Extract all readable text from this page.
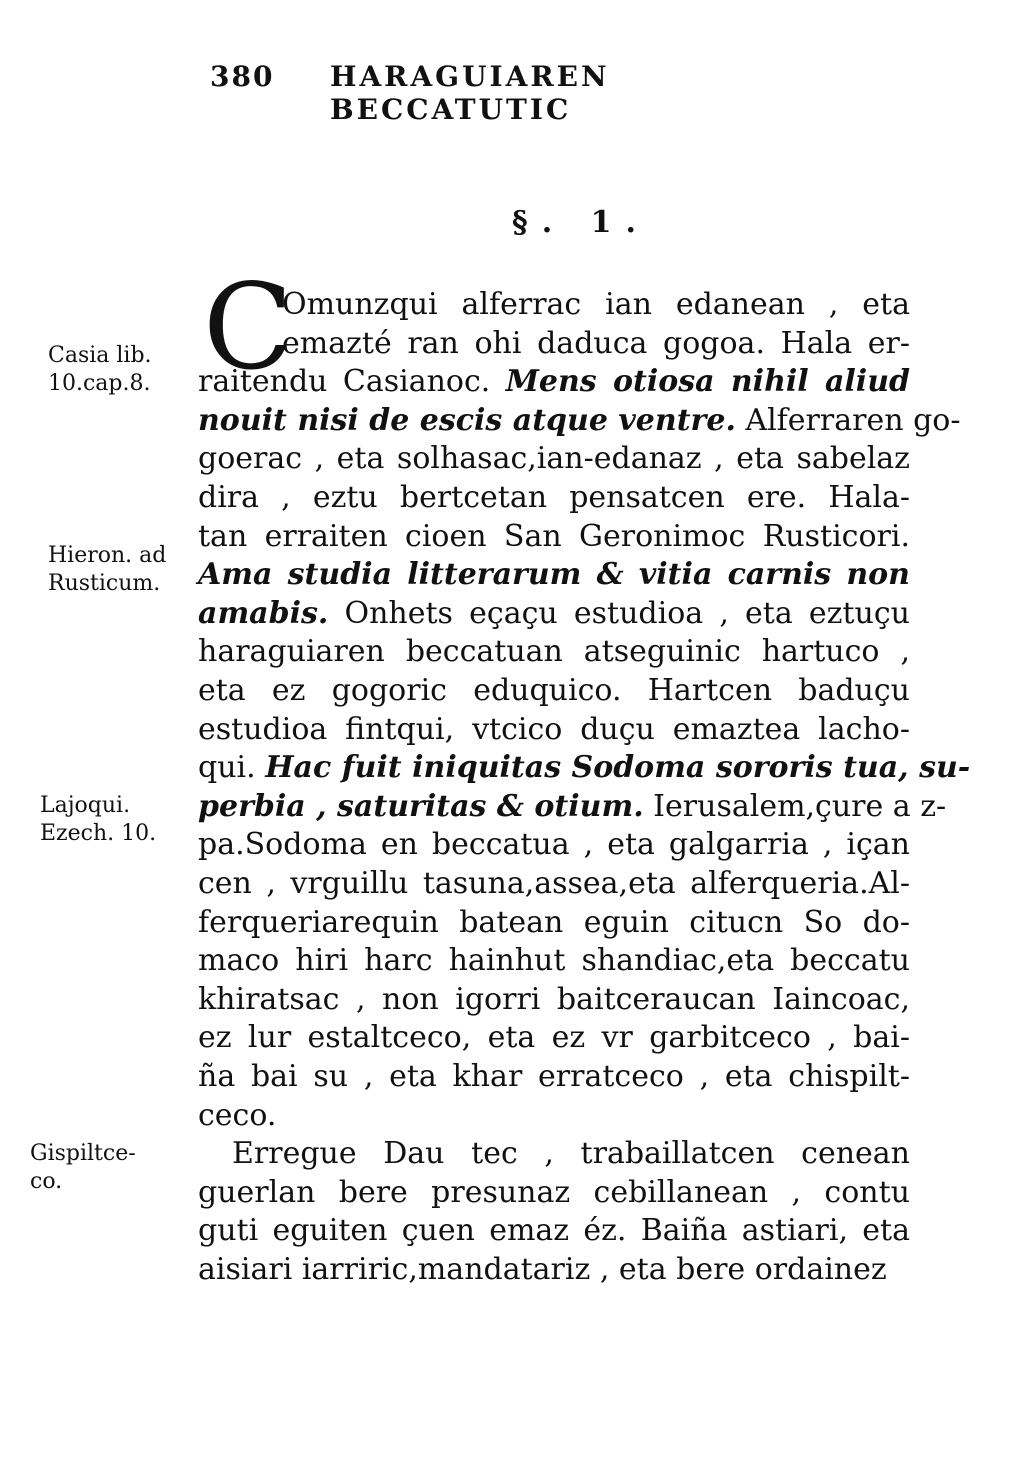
380 HARAGUIAREN BECCATUTIC
§. 1.
C
Omunzqui alferrac ian edanean , eta
emazté ran ohi daduca gogoa. Hala er-
raitendu Casianoc. Mens otiosa nihil aliud
nouit nisi de escis atque ventre. Alferraren go-
goerac , eta solhasac,ian-edanaz , eta sabelaz
dira , eztu bertcetan pensatcen ere. Hala-
tan erraiten cioen San Geronimoc Rusticori.
Ama studia litterarum & vitia carnis non
amabis. Onhets eçaçu estudioa , eta eztuçu
haraguiaren beccatuan atseguinic hartuco ,
eta ez gogoric eduquico. Hartcen baduçu
estudioa fintqui, vtcico duçu emaztea lacho-
qui. Hac fuit iniquitas Sodoma sororis tua, su-
perbia , saturitas & otium. Ierusalem,çure a z-
pa.Sodoma en beccatua , eta galgarria , içan
cen , vrguillu tasuna,assea,eta alferqueria.Al-
ferqueriarequin batean eguin citucn So do-
maco hiri harc hainhut shandiac,eta beccatu
khiratsac , non igorri baitceraucan Iaincoac,
ez lur estaltceco, eta ez vr garbitceco , bai-
ña bai su , eta khar erratceco , eta chispilt-
ceco.
Erregue Dau tec , trabaillatcen cenean
guerlan bere presunaz cebillanean , contu
guti eguiten çuen emaz éz. Baiña astiari, eta
aisiari iarriric,mandatariz , eta bere ordainez
Casia lib.
10.cap.8.
Hieron. ad
Rusticum.
Lajoqui.
Ezech. 10.
Gispiltce-
co.
